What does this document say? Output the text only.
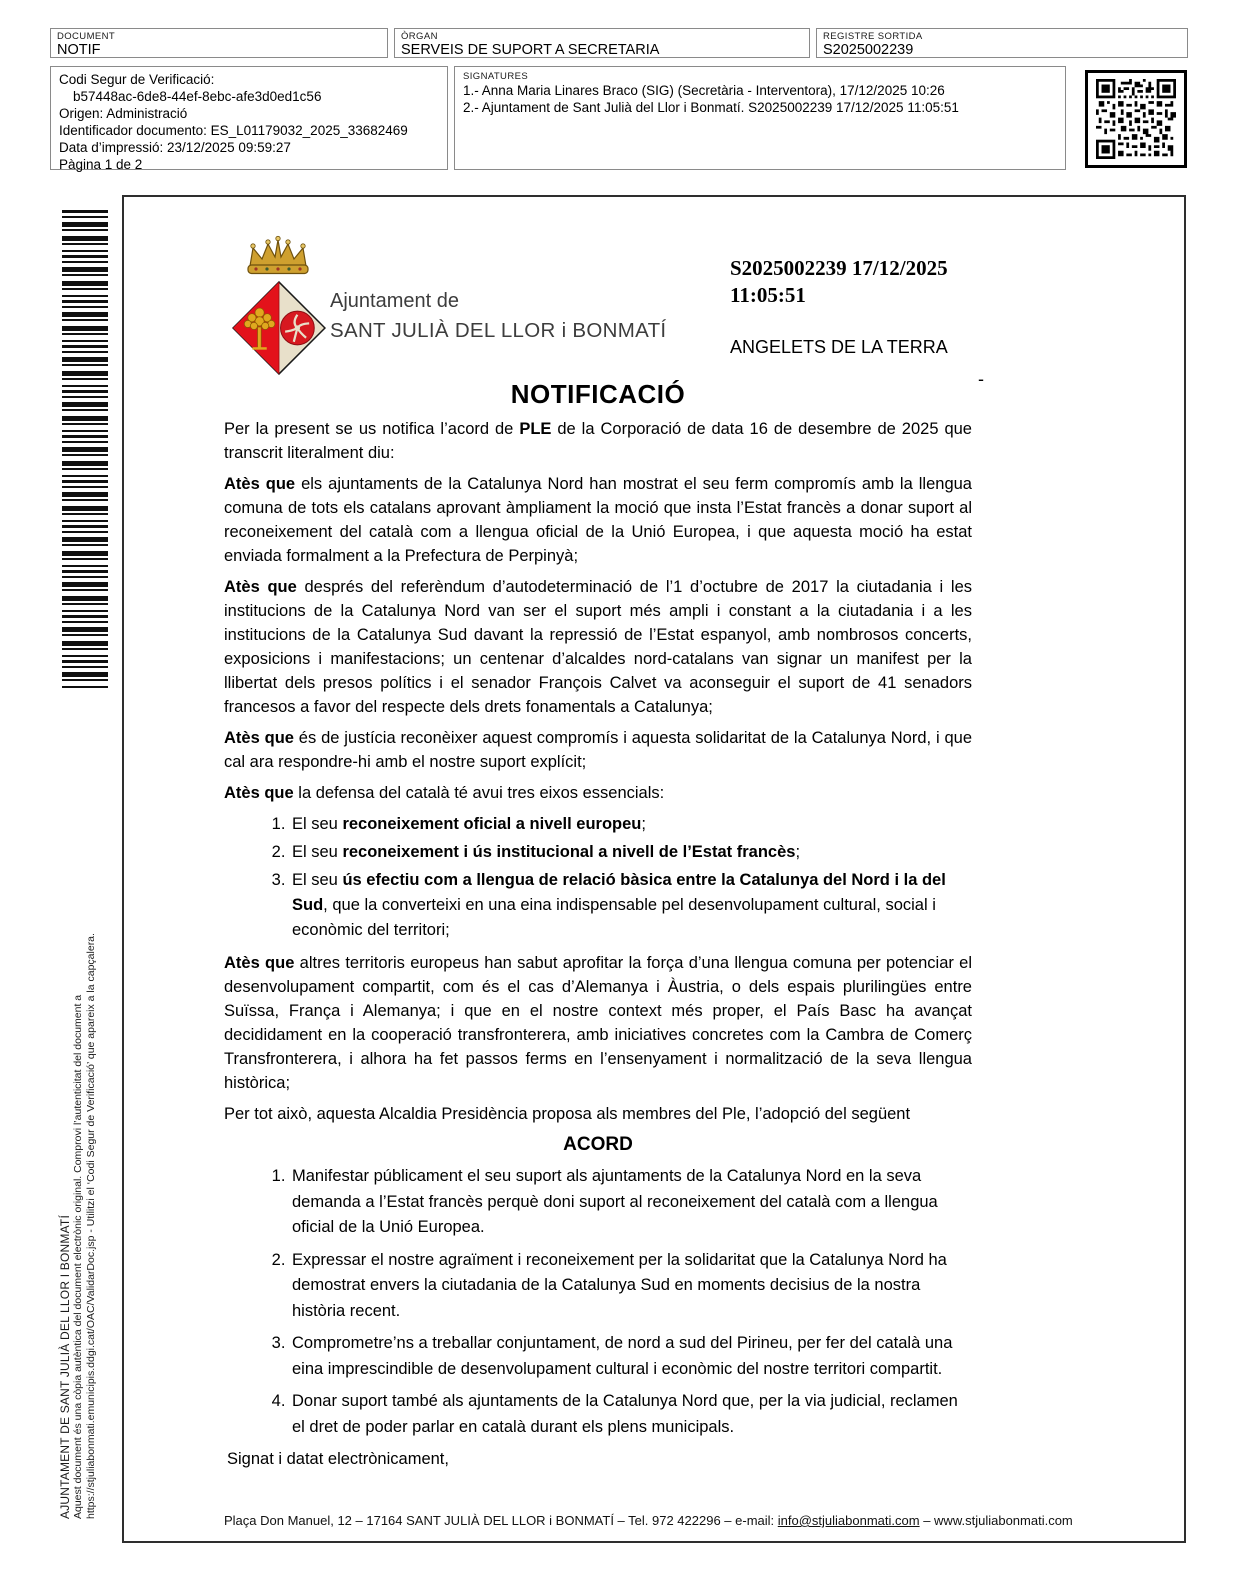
DOCUMENT
NOTIF
ÒRGAN
SERVEIS DE SUPORT A SECRETARIA
REGISTRE SORTIDA
S2025002239
Codi Segur de Verificació:
b57448ac-6de8-44ef-8ebc-afe3d0ed1c56
Origen: Administració
Identificador documento: ES_L01179032_2025_33682469
Data d’impressió: 23/12/2025 09:59:27
Pàgina 1 de 2
SIGNATURES
1.- Anna Maria Linares Braco (SIG) (Secretària - Interventora), 17/12/2025 10:26
2.- Ajuntament de Sant Julià del Llor i Bonmatí. S2025002239 17/12/2025 11:05:51
AJUNTAMENT DE SANT JULIÀ DEL LLOR I BONMATÍ Aquest document és una còpia autèntica del document electrònic original. Comprovi l’autenticitat del document a https://stjuliabonmati.emunicipis.ddgi.cat/OAC/ValidarDoc.jsp - Utilitzi el ‘Codi Segur de Verificació’ que apareix a la capçalera.
Ajuntament de
SANT JULIÀ DEL LLOR i BONMATÍ
S2025002239 17/12/2025 11:05:51
ANGELETS DE LA TERRA
-
NOTIFICACIÓ

Per la present se us notifica l’acord de PLE de la Corporació de data 16 de desembre de 2025 que transcrit literalment diu:

Atès que els ajuntaments de la Catalunya Nord han mostrat el seu ferm compromís amb la llengua comuna de tots els catalans aprovant àmpliament la moció que insta l’Estat francès a donar suport al reconeixement del català com a llengua oficial de la Unió Europea, i que aquesta moció ha estat enviada formalment a la Prefectura de Perpinyà;

Atès que després del referèndum d’autodeterminació de l’1 d’octubre de 2017 la ciutadania i les institucions de la Catalunya Nord van ser el suport més ampli i constant a la ciutadania i a les institucions de la Catalunya Sud davant la repressió de l’Estat espanyol, amb nombrosos concerts, exposicions i manifestacions; un centenar d’alcaldes nord-catalans van signar un manifest per la llibertat dels presos polítics i el senador François Calvet va aconseguir el suport de 41 senadors francesos a favor del respecte dels drets fonamentals a Catalunya;

Atès que és de justícia reconèixer aquest compromís i aquesta solidaritat de la Catalunya Nord, i que cal ara respondre-hi amb el nostre suport explícit;

Atès que la defensa del català té avui tres eixos essencials:

1. El seu reconeixement oficial a nivell europeu;
2. El seu reconeixement i ús institucional a nivell de l’Estat francès;
3. El seu ús efectiu com a llengua de relació bàsica entre la Catalunya del Nord i la del Sud, que la converteixi en una eina indispensable pel desenvolupament cultural, social i econòmic del territori;

Atès que altres territoris europeus han sabut aprofitar la força d’una llengua comuna per potenciar el desenvolupament compartit, com és el cas d’Alemanya i Àustria, o dels espais plurilingües entre Suïssa, França i Alemanya; i que en el nostre context més proper, el País Basc ha avançat decididament en la cooperació transfronterera, amb iniciatives concretes com la Cambra de Comerç Transfronterera, i alhora ha fet passos ferms en l’ensenyament i normalització de la seva llengua històrica;

Per tot això, aquesta Alcaldia Presidència proposa als membres del Ple, l’adopció del següent

ACORD
1. Manifestar públicament el seu suport als ajuntaments de la Catalunya Nord en la seva demanda a l’Estat francès perquè doni suport al reconeixement del català com a llengua oficial de la Unió Europea.
2. Expressar el nostre agraïment i reconeixement per la solidaritat que la Catalunya Nord ha demostrat envers la ciutadania de la Catalunya Sud en moments decisius de la nostra història recent.
3. Comprometre’ns a treballar conjuntament, de nord a sud del Pirineu, per fer del català una eina imprescindible de desenvolupament cultural i econòmic del nostre territori compartit.
4. Donar suport també als ajuntaments de la Catalunya Nord que, per la via judicial, reclamen el dret de poder parlar en català durant els plens municipals.

Signat i datat electrònicament,

Plaça Don Manuel, 12 – 17164 SANT JULIÀ DEL LLOR i BONMATÍ – Tel. 972 422296 – e-mail: info@stjuliabonmati.com – www.stjuliabonmati.com
